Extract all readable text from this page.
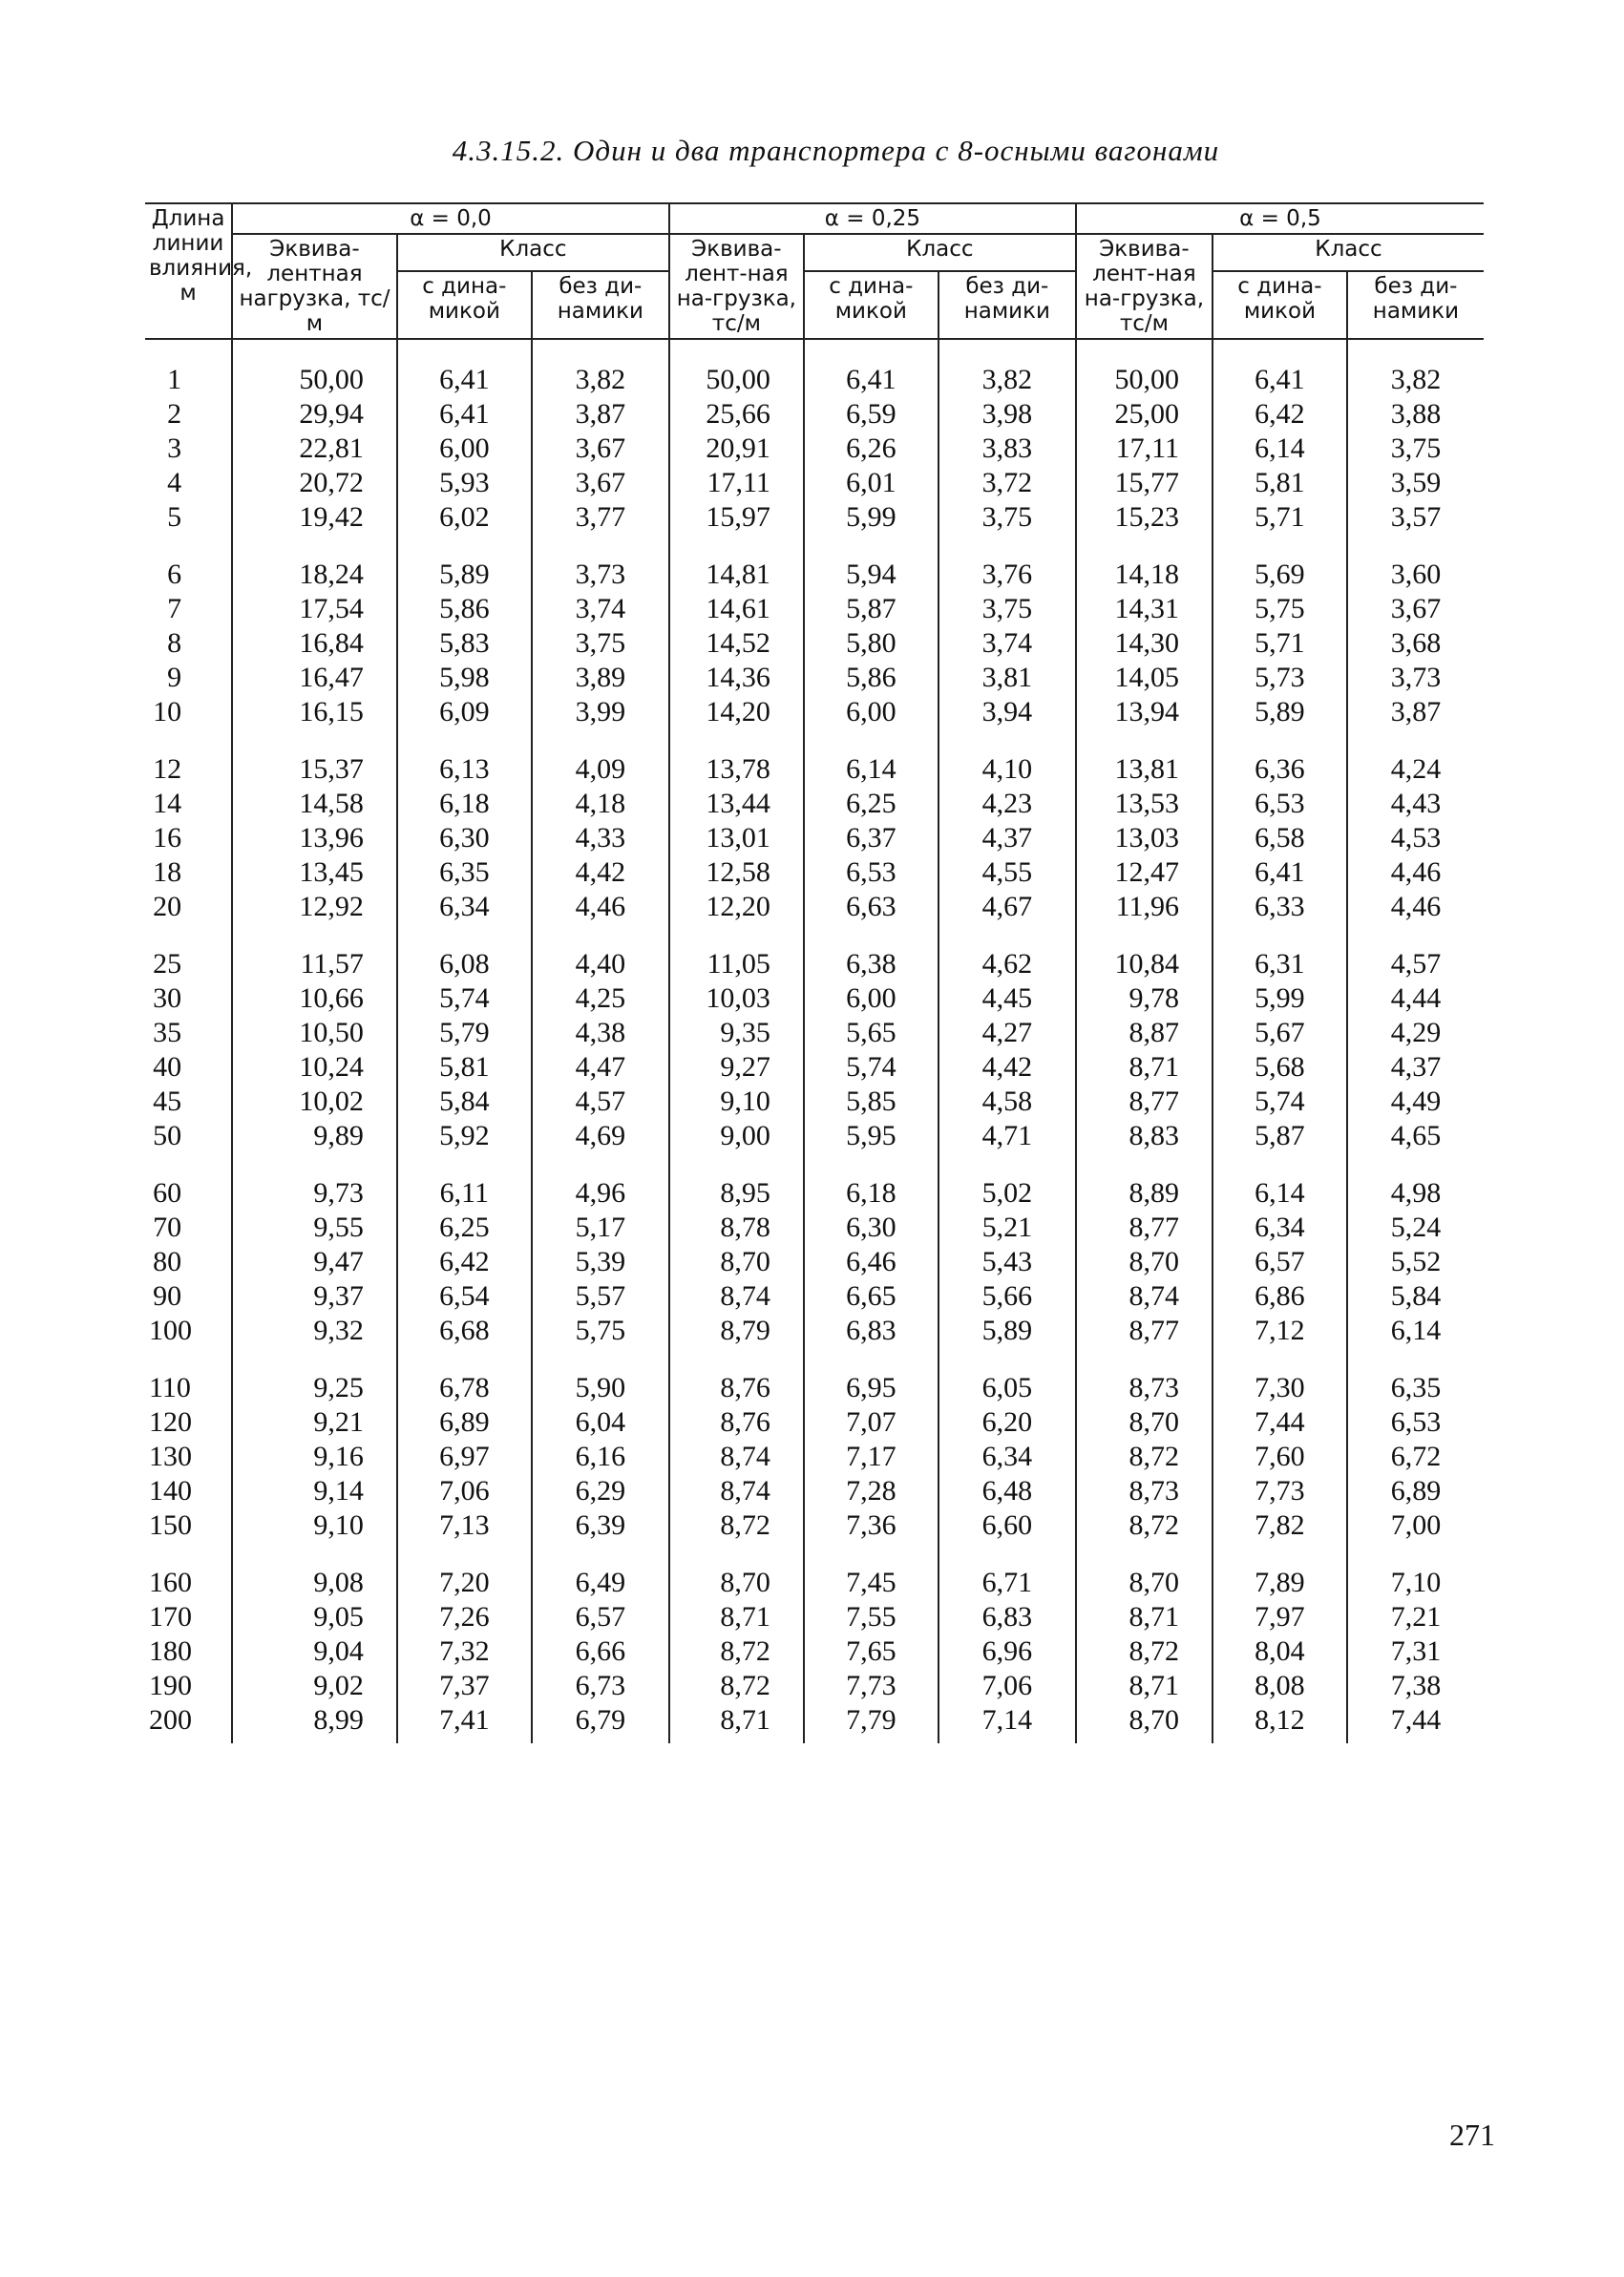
4.3.15.2. Один и два транспортера с 8-осными вагонами
Длина линии влияния, м	α = 0,0			α = 0,25			α = 0,5		
	Эквива-лентная нагрузка, тс/м	Класс		Эквива-лент-ная на-грузка, тс/м	Класс		Эквива-лент-ная на-грузка, тс/м	Класс	
		с дина-микой	без ди-намики		с дина-микой	без ди-намики		с дина-микой	без ди-намики
1	50,00	6,41	3,82	50,00	6,41	3,82	50,00	6,41	3,82
2	29,94	6,41	3,87	25,66	6,59	3,98	25,00	6,42	3,88
3	22,81	6,00	3,67	20,91	6,26	3,83	17,11	6,14	3,75
4	20,72	5,93	3,67	17,11	6,01	3,72	15,77	5,81	3,59
5	19,42	6,02	3,77	15,97	5,99	3,75	15,23	5,71	3,57
6	18,24	5,89	3,73	14,81	5,94	3,76	14,18	5,69	3,60
7	17,54	5,86	3,74	14,61	5,87	3,75	14,31	5,75	3,67
8	16,84	5,83	3,75	14,52	5,80	3,74	14,30	5,71	3,68
9	16,47	5,98	3,89	14,36	5,86	3,81	14,05	5,73	3,73
10	16,15	6,09	3,99	14,20	6,00	3,94	13,94	5,89	3,87
12	15,37	6,13	4,09	13,78	6,14	4,10	13,81	6,36	4,24
14	14,58	6,18	4,18	13,44	6,25	4,23	13,53	6,53	4,43
16	13,96	6,30	4,33	13,01	6,37	4,37	13,03	6,58	4,53
18	13,45	6,35	4,42	12,58	6,53	4,55	12,47	6,41	4,46
20	12,92	6,34	4,46	12,20	6,63	4,67	11,96	6,33	4,46
25	11,57	6,08	4,40	11,05	6,38	4,62	10,84	6,31	4,57
30	10,66	5,74	4,25	10,03	6,00	4,45	9,78	5,99	4,44
35	10,50	5,79	4,38	9,35	5,65	4,27	8,87	5,67	4,29
40	10,24	5,81	4,47	9,27	5,74	4,42	8,71	5,68	4,37
45	10,02	5,84	4,57	9,10	5,85	4,58	8,77	5,74	4,49
50	9,89	5,92	4,69	9,00	5,95	4,71	8,83	5,87	4,65
60	9,73	6,11	4,96	8,95	6,18	5,02	8,89	6,14	4,98
70	9,55	6,25	5,17	8,78	6,30	5,21	8,77	6,34	5,24
80	9,47	6,42	5,39	8,70	6,46	5,43	8,70	6,57	5,52
90	9,37	6,54	5,57	8,74	6,65	5,66	8,74	6,86	5,84
100	9,32	6,68	5,75	8,79	6,83	5,89	8,77	7,12	6,14
110	9,25	6,78	5,90	8,76	6,95	6,05	8,73	7,30	6,35
120	9,21	6,89	6,04	8,76	7,07	6,20	8,70	7,44	6,53
130	9,16	6,97	6,16	8,74	7,17	6,34	8,72	7,60	6,72
140	9,14	7,06	6,29	8,74	7,28	6,48	8,73	7,73	6,89
150	9,10	7,13	6,39	8,72	7,36	6,60	8,72	7,82	7,00
160	9,08	7,20	6,49	8,70	7,45	6,71	8,70	7,89	7,10
170	9,05	7,26	6,57	8,71	7,55	6,83	8,71	7,97	7,21
180	9,04	7,32	6,66	8,72	7,65	6,96	8,72	8,04	7,31
190	9,02	7,37	6,73	8,72	7,73	7,06	8,71	8,08	7,38
200	8,99	7,41	6,79	8,71	7,79	7,14	8,70	8,12	7,44
271
